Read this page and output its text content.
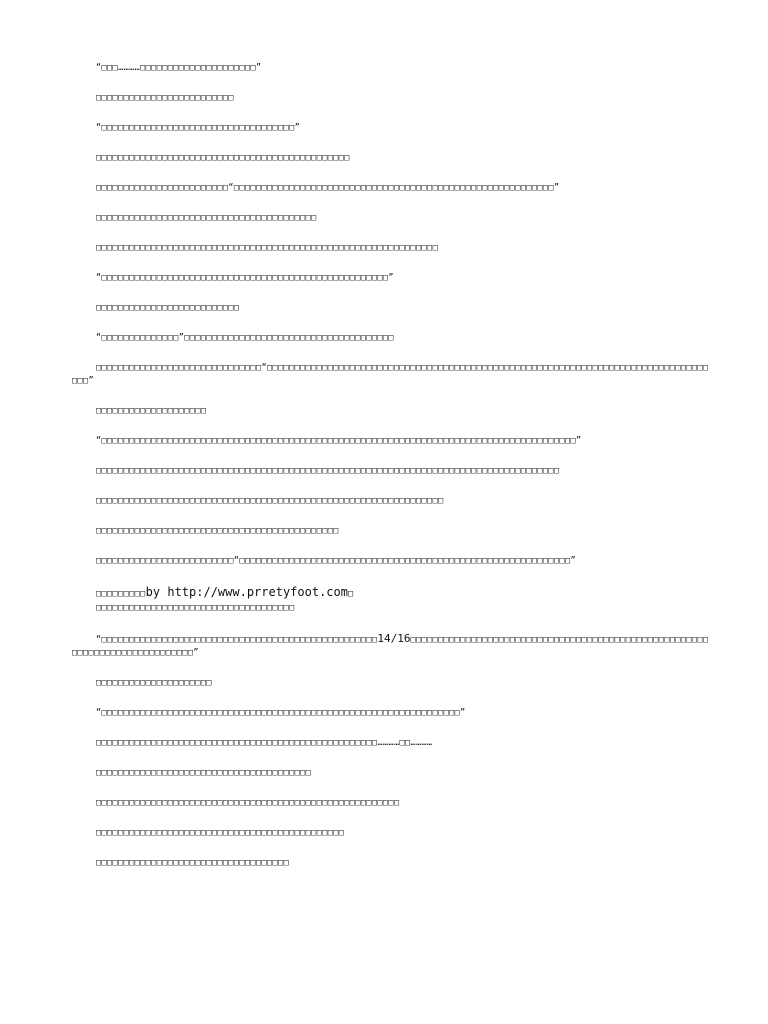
“□□□…………□□□□□□□□□□□□□□□□□□□□□”

□□□□□□□□□□□□□□□□□□□□□□□□□

“□□□□□□□□□□□□□□□□□□□□□□□□□□□□□□□□□□□”

□□□□□□□□□□□□□□□□□□□□□□□□□□□□□□□□□□□□□□□□□□□□□□

□□□□□□□□□□□□□□□□□□□□□□□□“□□□□□□□□□□□□□□□□□□□□□□□□□□□□□□□□□□□□□□□□□□□□□□□□□□□□□□□□□□”

□□□□□□□□□□□□□□□□□□□□□□□□□□□□□□□□□□□□□□□□

□□□□□□□□□□□□□□□□□□□□□□□□□□□□□□□□□□□□□□□□□□□□□□□□□□□□□□□□□□□□□□

“□□□□□□□□□□□□□□□□□□□□□□□□□□□□□□□□□□□□□□□□□□□□□□□□□□□□”

□□□□□□□□□□□□□□□□□□□□□□□□□□

“□□□□□□□□□□□□□□”□□□□□□□□□□□□□□□□□□□□□□□□□□□□□□□□□□□□□□

□□□□□□□□□□□□□□□□□□□□□□□□□□□□□□“□□□□□□□□□□□□□□□□□□□□□□□□□□□□□□□□□□□□□□□□□□□□□□□□□□□□□□□□□□□□□□□□□□□□□□□□□□□□□□□□□□□”

□□□□□□□□□□□□□□□□□□□□

“□□□□□□□□□□□□□□□□□□□□□□□□□□□□□□□□□□□□□□□□□□□□□□□□□□□□□□□□□□□□□□□□□□□□□□□□□□□□□□□□□□□□□□”

□□□□□□□□□□□□□□□□□□□□□□□□□□□□□□□□□□□□□□□□□□□□□□□□□□□□□□□□□□□□□□□□□□□□□□□□□□□□□□□□□□□□

□□□□□□□□□□□□□□□□□□□□□□□□□□□□□□□□□□□□□□□□□□□□□□□□□□□□□□□□□□□□□□□

□□□□□□□□□□□□□□□□□□□□□□□□□□□□□□□□□□□□□□□□□□□□

□□□□□□□□□□□□□□□□□□□□□□□□□“□□□□□□□□□□□□□□□□□□□□□□□□□□□□□□□□□□□□□□□□□□□□□□□□□□□□□□□□□□□□”

□□□□□□□□□by http://www.prretyfoot.com□
□□□□□□□□□□□□□□□□□□□□□□□□□□□□□□□□□□□□

“□□□□□□□□□□□□□□□□□□□□□□□□□□□□□□□□□□□□□□□□□□□□□□□□□□14/16□□□□□□□□□□□□□□□□□□□□□□□□□□□□□□□□□□□□□□□□□□□□□□□□□□□□□□□□□□□□□□□□□□□□□□□□□□□□”

□□□□□□□□□□□□□□□□□□□□□

“□□□□□□□□□□□□□□□□□□□□□□□□□□□□□□□□□□□□□□□□□□□□□□□□□□□□□□□□□□□□□□□□□”

□□□□□□□□□□□□□□□□□□□□□□□□□□□□□□□□□□□□□□□□□□□□□□□□□□□…………□□…………

□□□□□□□□□□□□□□□□□□□□□□□□□□□□□□□□□□□□□□□

□□□□□□□□□□□□□□□□□□□□□□□□□□□□□□□□□□□□□□□□□□□□□□□□□□□□□□□

□□□□□□□□□□□□□□□□□□□□□□□□□□□□□□□□□□□□□□□□□□□□□

□□□□□□□□□□□□□□□□□□□□□□□□□□□□□□□□□□□
